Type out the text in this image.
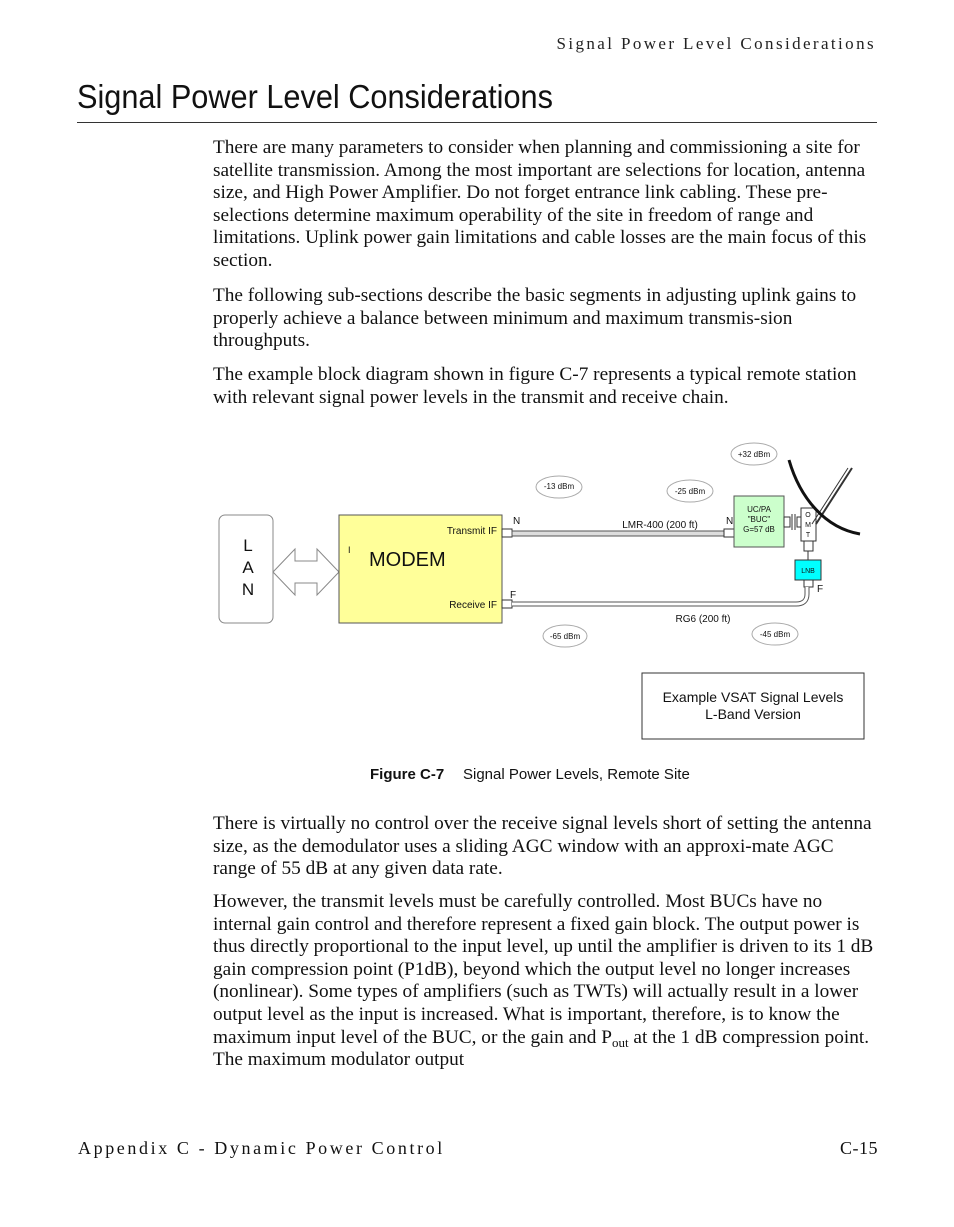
Signal Power Level Considerations
Signal Power Level Considerations

There are many parameters to consider when planning and commissioning a site for satellite transmission. Among the most important are selections for location, antenna size, and High Power Amplifier. Do not forget entrance link cabling. These pre-selections determine maximum operability of the site in freedom of range and limitations. Uplink power gain limitations and cable losses are the main focus of this section.

The following sub-sections describe the basic segments in adjusting uplink gains to properly achieve a balance between minimum and maximum transmis-sion throughputs.

The example block diagram shown in figure C-7 represents a typical remote station with relevant signal power levels in the transmit and receive chain.

L
A
N
I MODEM
Transmit IF
Receive IF
N
F
LMR-400 (200 ft)	N
UC/PA
"BUC"
G=57 dB
O
M
T
LNB
F
RG6 (200 ft)
-13 dBm
-25 dBm
+32 dBm
-65 dBm	-45 dBm
Example VSAT Signal Levels
L-Band Version
Figure C-7 Signal Power Levels, Remote Site

There is virtually no control over the receive signal levels short of setting the antenna size, as the demodulator uses a sliding AGC window with an approxi-mate AGC range of 55 dB at any given data rate.

However, the transmit levels must be carefully controlled. Most BUCs have no internal gain control and therefore represent a fixed gain block. The output power is thus directly proportional to the input level, up until the amplifier is driven to its 1 dB gain compression point (P1dB), beyond which the output level no longer increases (nonlinear). Some types of amplifiers (such as TWTs) will actually result in a lower output level as the input is increased. What is important, therefore, is to know the maximum input level of the BUC, or the gain and $P_{out}$ at the 1 dB compression point. The maximum modulator output

Appendix C - Dynamic Power Control	C-15
